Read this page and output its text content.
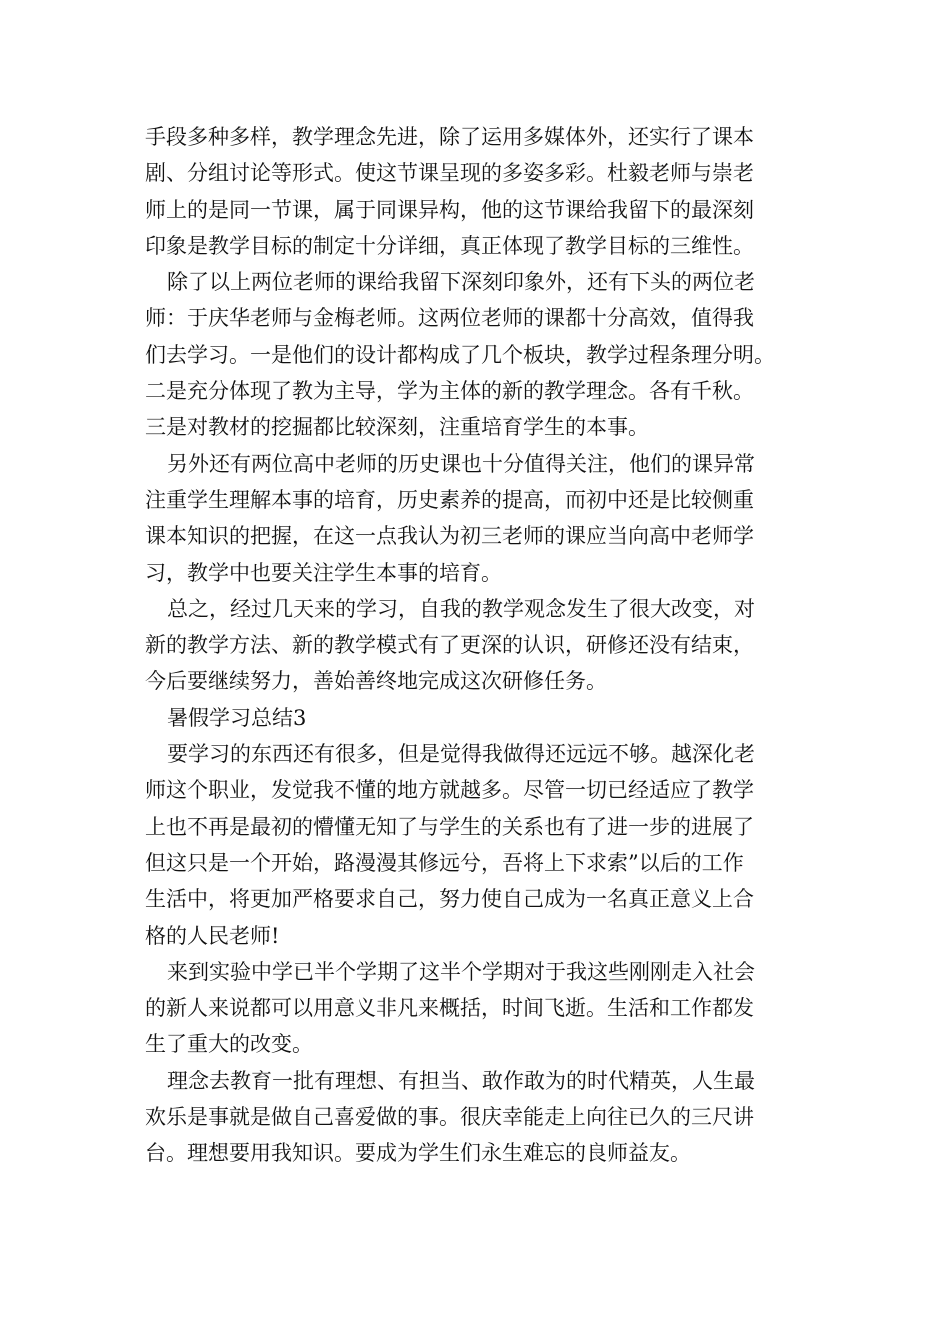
手段多种多样，教学理念先进，除了运用多媒体外，还实行了课本
剧、分组讨论等形式。使这节课呈现的多姿多彩。杜毅老师与崇老
师上的是同一节课，属于同课异构，他的这节课给我留下的最深刻
印象是教学目标的制定十分详细，真正体现了教学目标的三维性。
除了以上两位老师的课给我留下深刻印象外，还有下头的两位老
师：于庆华老师与金梅老师。这两位老师的课都十分高效，值得我
们去学习。一是他们的设计都构成了几个板块，教学过程条理分明。
二是充分体现了教为主导，学为主体的新的教学理念。各有千秋。
三是对教材的挖掘都比较深刻，注重培育学生的本事。
另外还有两位高中老师的历史课也十分值得关注，他们的课异常
注重学生理解本事的培育，历史素养的提高，而初中还是比较侧重
课本知识的把握，在这一点我认为初三老师的课应当向高中老师学
习，教学中也要关注学生本事的培育。
总之，经过几天来的学习，自我的教学观念发生了很大改变，对
新的教学方法、新的教学模式有了更深的认识，研修还没有结束，
今后要继续努力，善始善终地完成这次研修任务。
暑假学习总结3
要学习的东西还有很多，但是觉得我做得还远远不够。越深化老
师这个职业，发觉我不懂的地方就越多。尽管一切已经适应了教学
上也不再是最初的懵懂无知了与学生的关系也有了进一步的进展了
但这只是一个开始，路漫漫其修远兮，吾将上下求索”以后的工作
生活中，将更加严格要求自己，努力使自己成为一名真正意义上合
格的人民老师!
来到实验中学已半个学期了这半个学期对于我这些刚刚走入社会
的新人来说都可以用意义非凡来概括，时间飞逝。生活和工作都发
生了重大的改变。
理念去教育一批有理想、有担当、敢作敢为的时代精英，人生最
欢乐是事就是做自己喜爱做的事。很庆幸能走上向往已久的三尺讲
台。理想要用我知识。要成为学生们永生难忘的良师益友。
